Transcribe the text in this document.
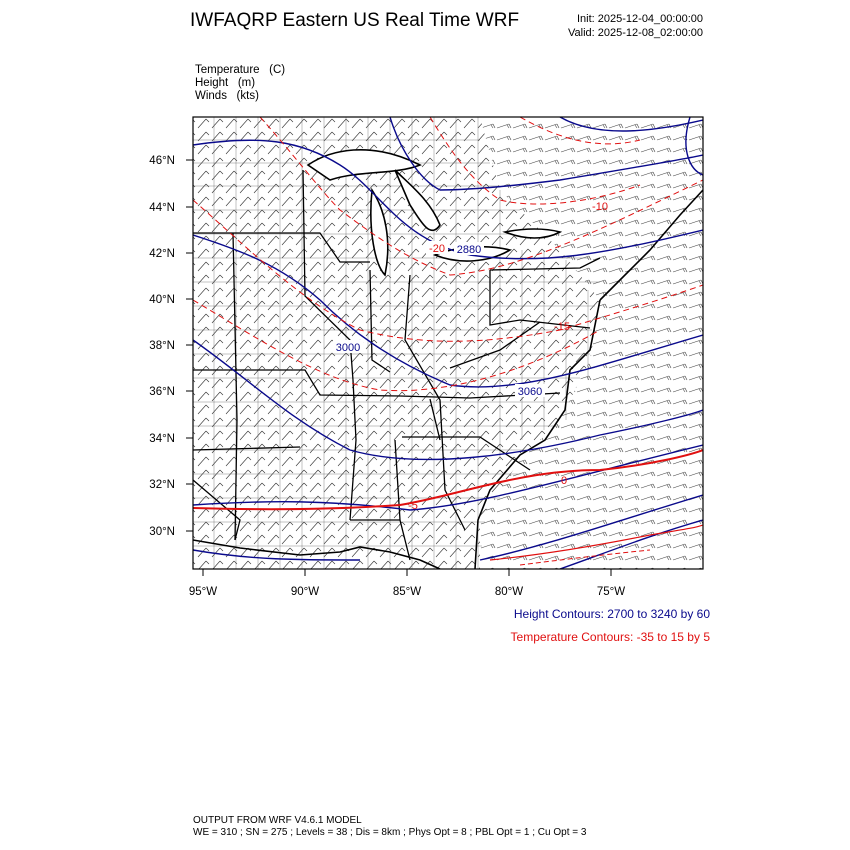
30°N
32°N
34°N
36°N
38°N
40°N
42°N
44°N
46°N
95°W	90°W	85°W	80°W	75°W
3060
3000
2880
-20
-5
0
-10
-15
IWFAQRP Eastern US Real Time WRF	Init: 2025-12-04_00:00:00
Valid: 2025-12-08_02:00:00
Temperature (C)
Height (m)
Winds (kts)
Height Contours: 2700 to 3240 by 60
Temperature Contours: -35 to 15 by 5
OUTPUT FROM WRF V4.6.1 MODEL
WE = 310 ; SN = 275 ; Levels = 38 ; Dis = 8km ; Phys Opt = 8 ; PBL Opt = 1 ; Cu Opt = 3
